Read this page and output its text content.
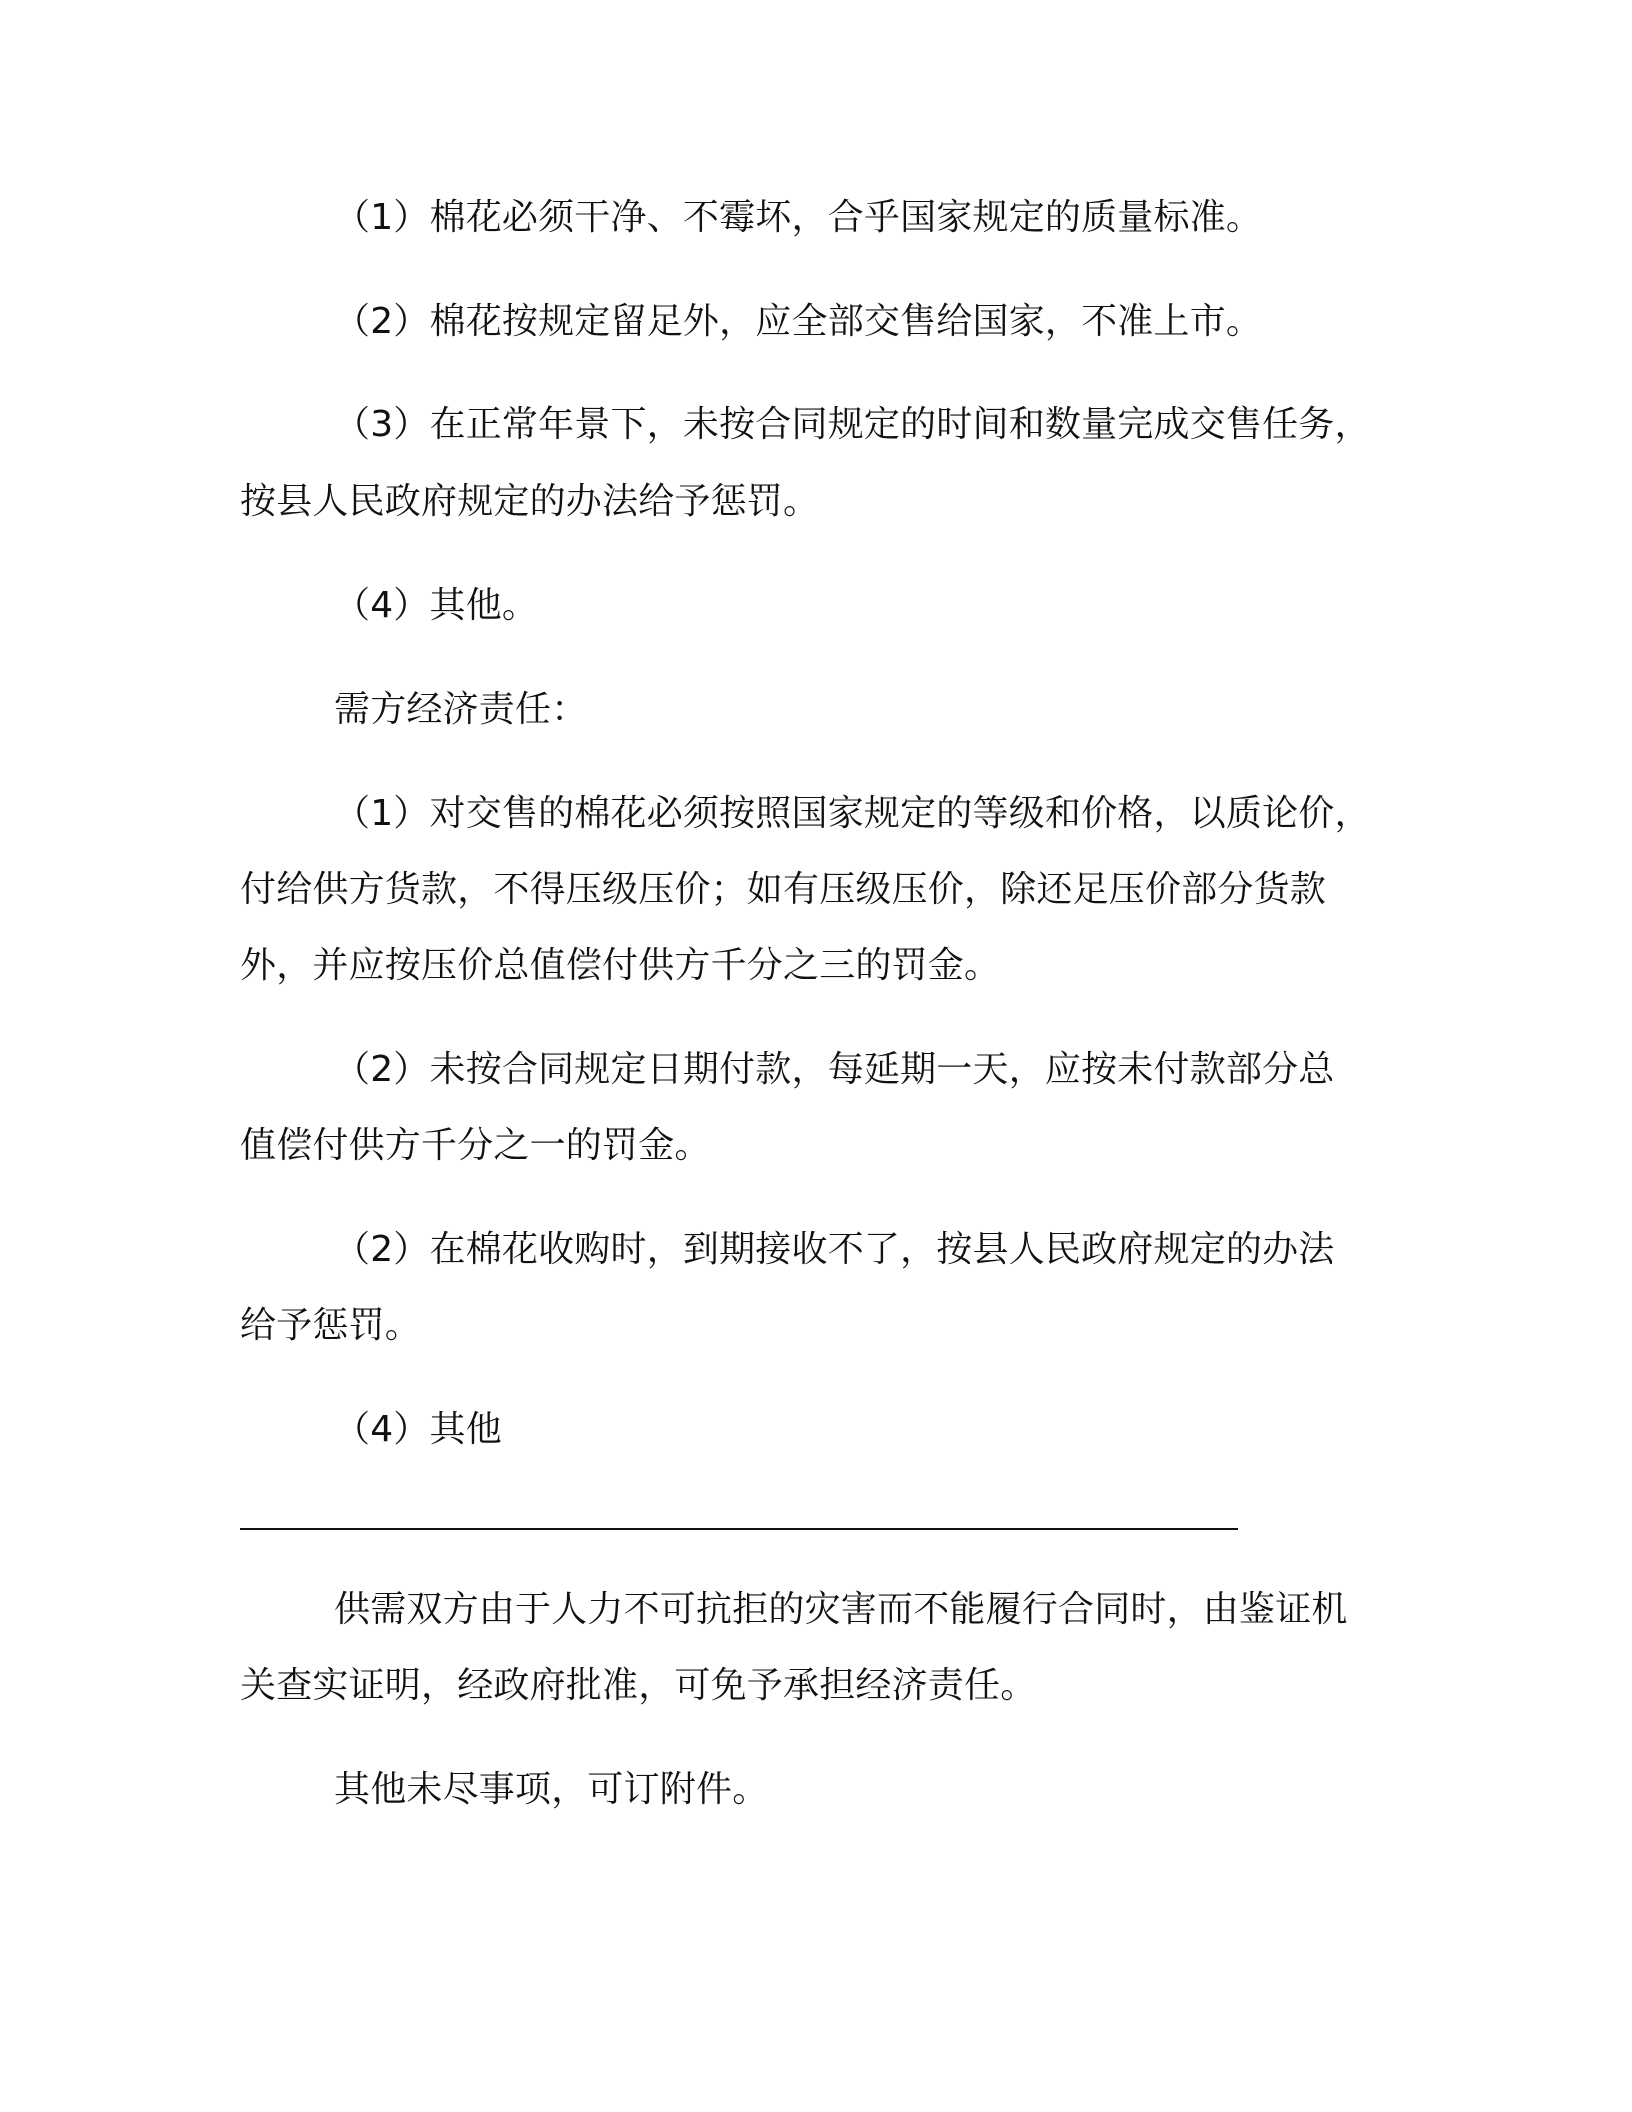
（1）棉花必须干净、不霉坏，合乎国家规定的质量标准。
（2）棉花按规定留足外，应全部交售给国家，不准上市。
（3）在正常年景下，未按合同规定的时间和数量完成交售任务，
按县人民政府规定的办法给予惩罚。
（4）其他。
需方经济责任：
（1）对交售的棉花必须按照国家规定的等级和价格，以质论价，
付给供方货款，不得压级压价；如有压级压价，除还足压价部分货款
外，并应按压价总值偿付供方千分之三的罚金。
（2）未按合同规定日期付款，每延期一天，应按未付款部分总
值偿付供方千分之一的罚金。
（2）在棉花收购时，到期接收不了，按县人民政府规定的办法
给予惩罚。
（4）其他
供需双方由于人力不可抗拒的灾害而不能履行合同时，由鉴证机
关查实证明，经政府批准，可免予承担经济责任。
其他未尽事项，可订附件。
